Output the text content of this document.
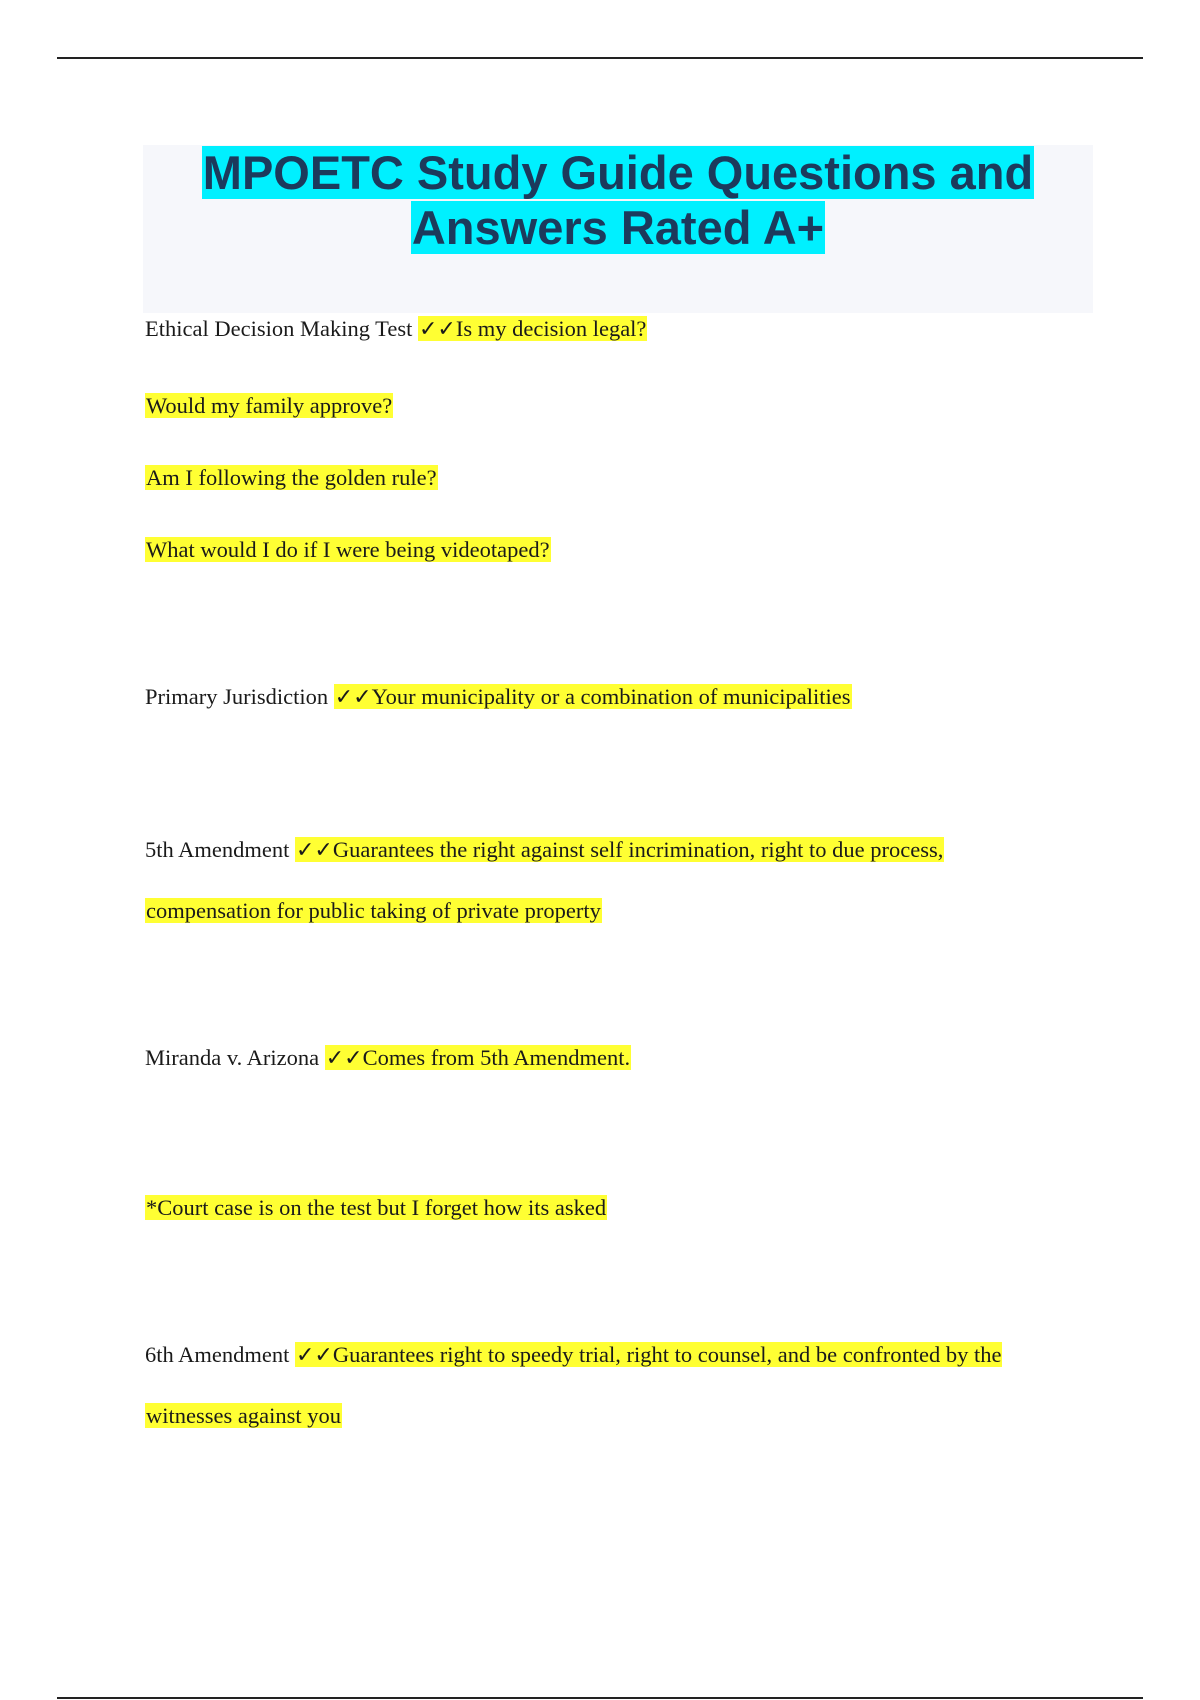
MPOETC Study Guide Questions and
Answers Rated A+
Ethical Decision Making Test ✓✓Is my decision legal?
Would my family approve?
Am I following the golden rule?
What would I do if I were being videotaped?
Primary Jurisdiction ✓✓Your municipality or a combination of municipalities
5th Amendment ✓✓Guarantees the right against self incrimination, right to due process,
compensation for public taking of private property
Miranda v. Arizona ✓✓Comes from 5th Amendment.
*Court case is on the test but I forget how its asked
6th Amendment ✓✓Guarantees right to speedy trial, right to counsel, and be confronted by the
witnesses against you
